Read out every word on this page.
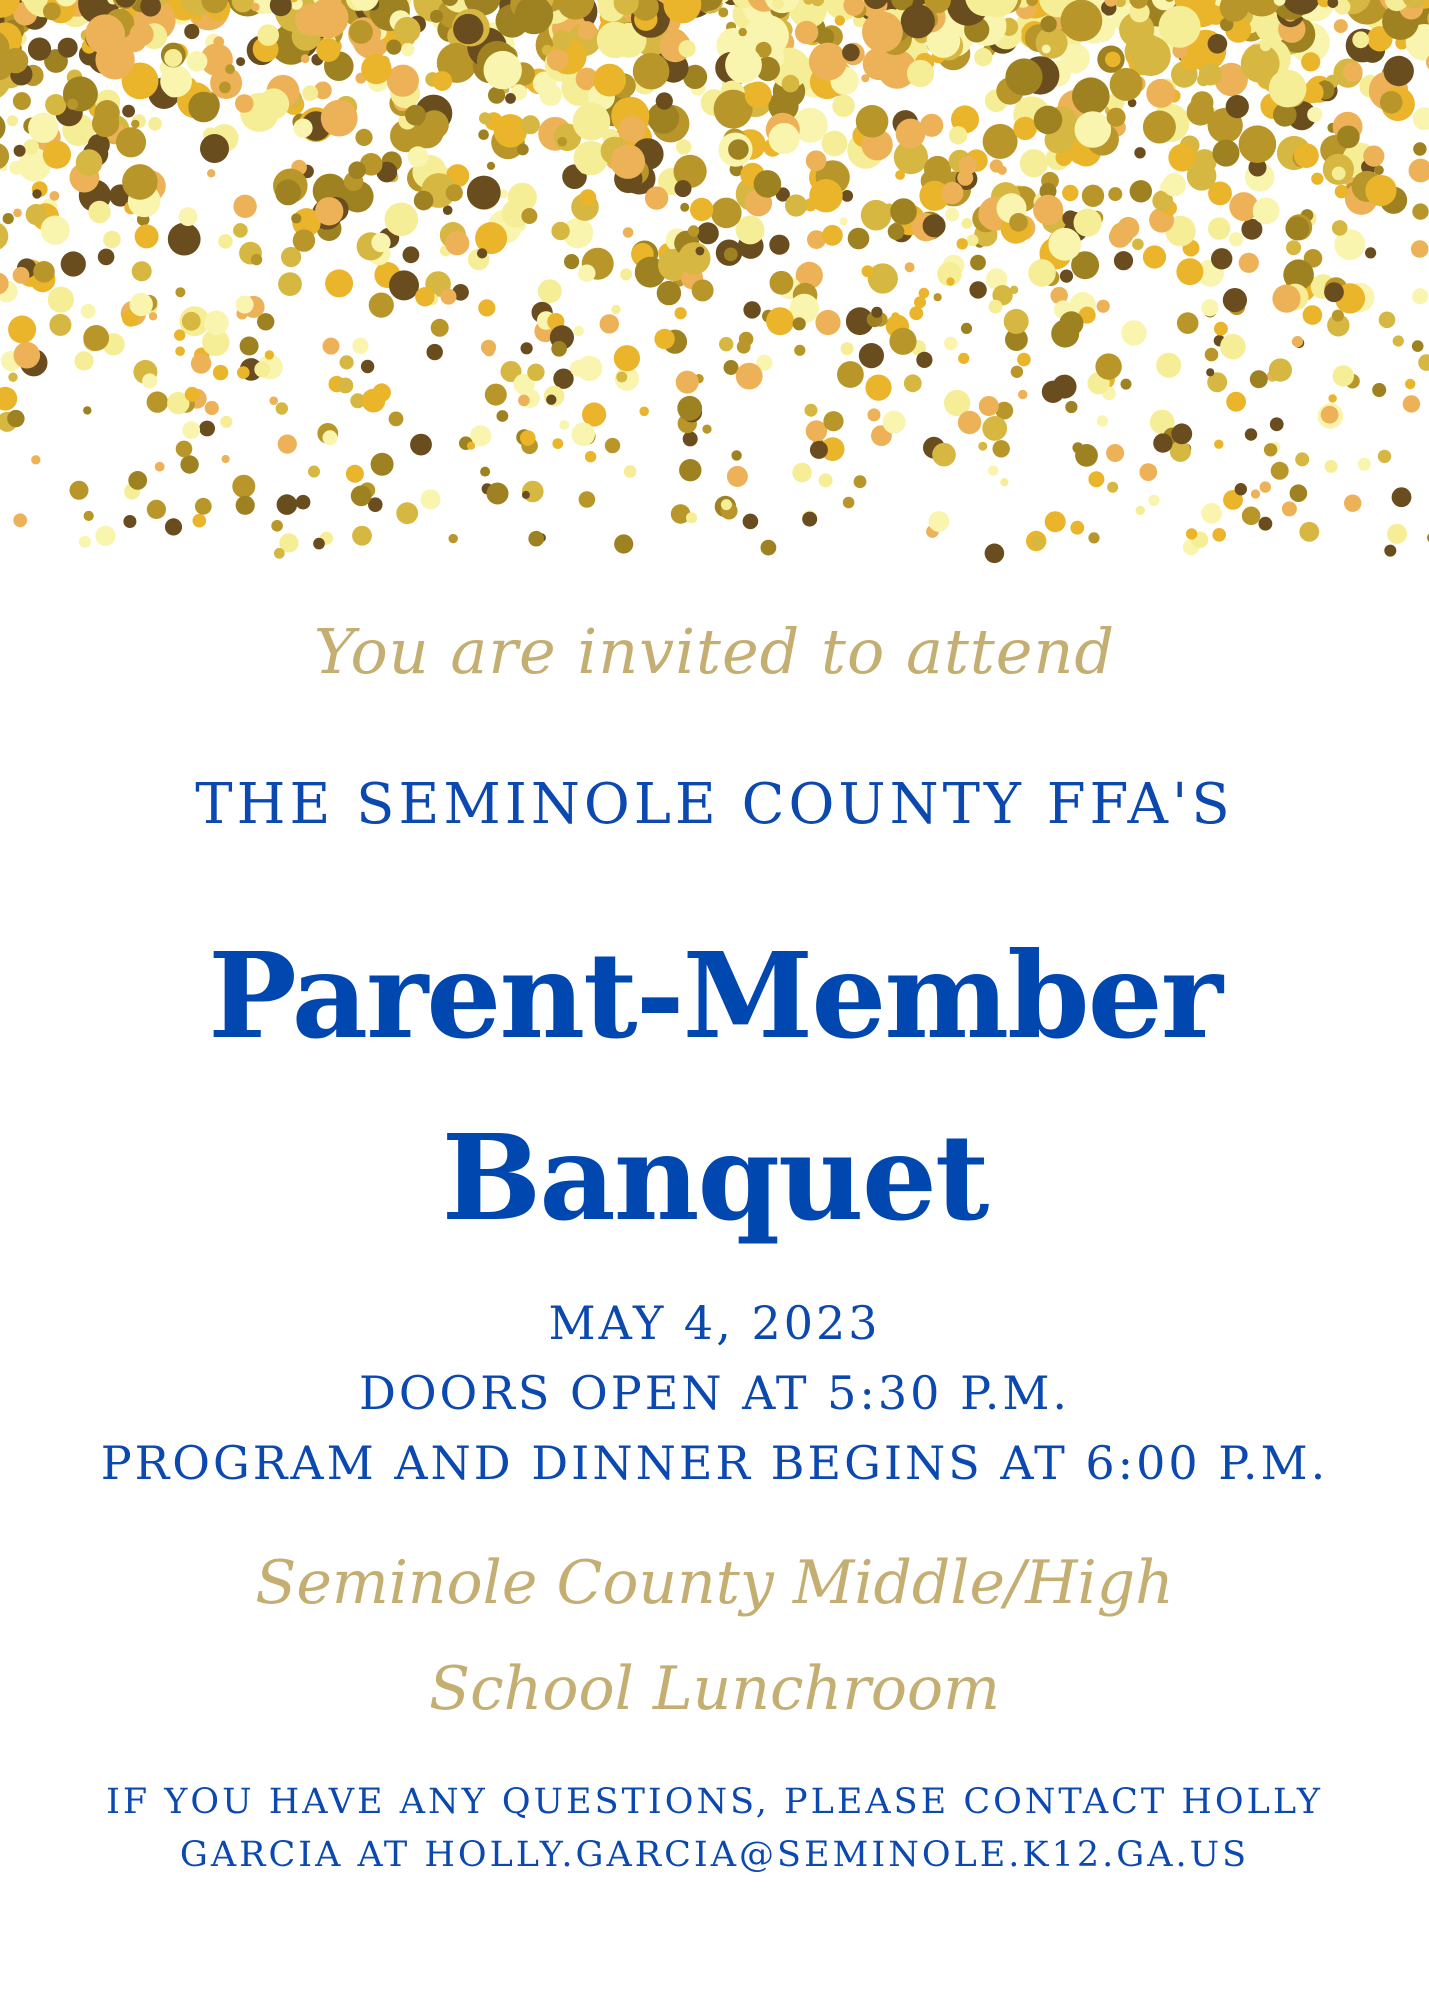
You are invited to attend
THE SEMINOLE COUNTY FFA'S
Parent-Member
Banquet
MAY 4, 2023
DOORS OPEN AT 5:30 P.M.
PROGRAM AND DINNER BEGINS AT 6:00 P.M.
Seminole County Middle/High
School Lunchroom
IF YOU HAVE ANY QUESTIONS, PLEASE CONTACT HOLLY
GARCIA AT HOLLY.GARCIA@SEMINOLE.K12.GA.US
